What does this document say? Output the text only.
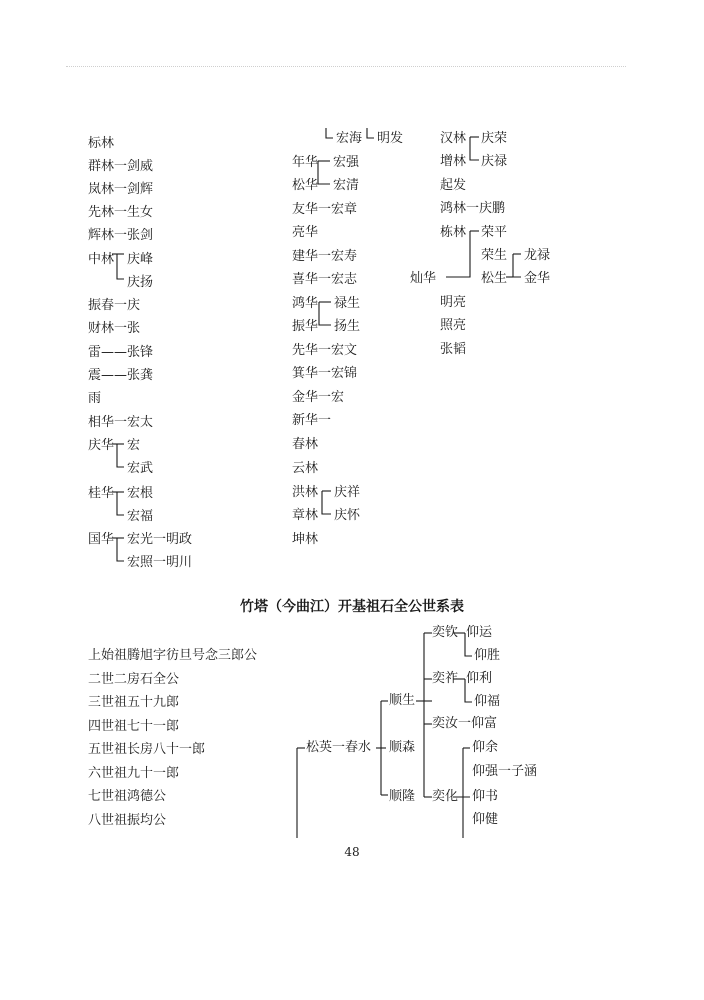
标林
群林一剑威
岚林一剑辉
先林一生女
辉林一张剑
中林 庆峰
庆扬
振春一庆
财林一张
雷——张锋
震——张龚
雨
相华一宏太
庆华 宏
宏武
桂华 宏根
宏福
国华 宏光一明政
宏照一明川
宏海 明发
年华 宏强
松华 宏清
友华一宏章
亮华
建华一宏寿
喜华一宏志
鸿华 禄生
振华 扬生
先华一宏文
箕华一宏锦
金华一宏
新华一
春林
云林
洪林 庆祥
章林 庆怀
坤林
汉林 庆荣
增林 庆禄
起发
鸿林一庆鹏
栋林 荣平
荣生 龙禄
灿华	松生 金华
明亮
照亮
张韬
竹塔（今曲江）开基祖石全公世系表
上始祖腾旭字彷旦号念三郎公
二世二房石全公
三世祖五十九郎
四世祖七十一郎
五世祖长房八十一郎
六世祖九十一郎
七世祖鸿德公
八世祖振均公
松英一春水
顺生
顺森
顺隆
奕钦
奕祚
奕汝一仰富
奕化
仰运
仰胜
仰利
仰福
仰余
仰强一子涵
仰书
仰健
48
